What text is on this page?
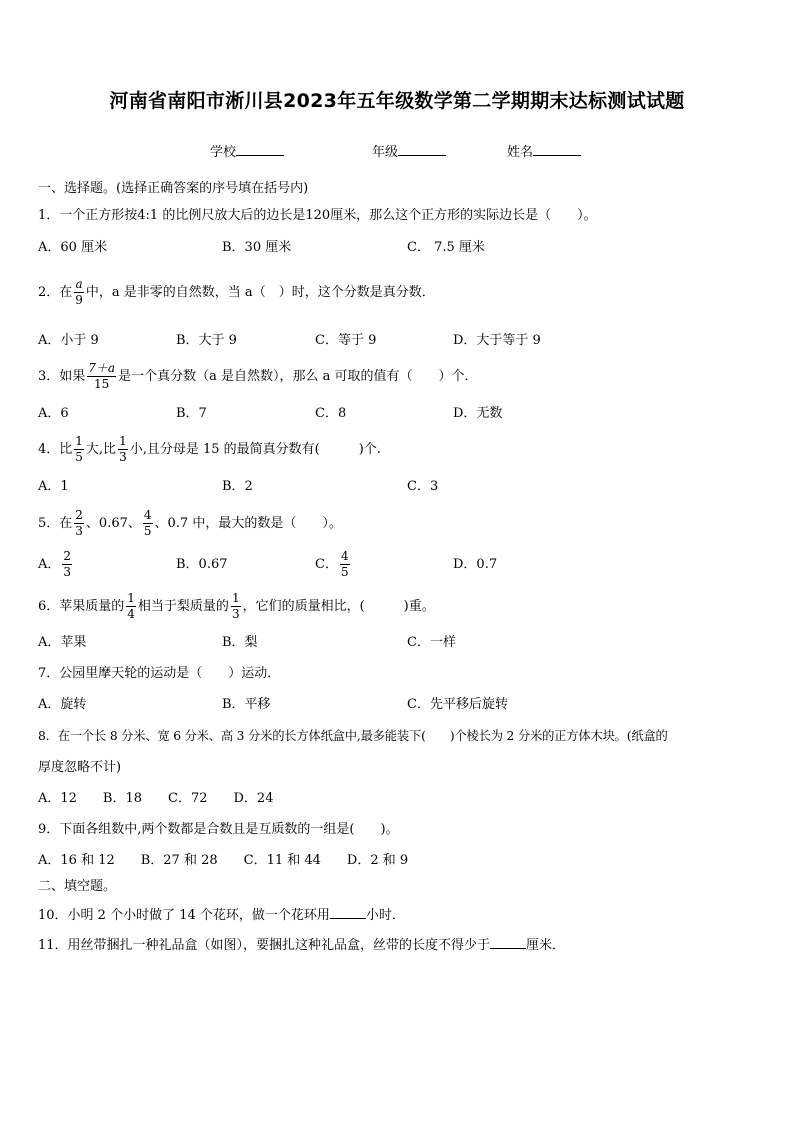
河南省南阳市淅川县2023年五年级数学第二学期期末达标测试试题
学校	年级	姓名
一、选择题。(选择正确答案的序号填在括号内)
1．一个正方形按4:1 的比例尺放大后的边长是120厘米，那么这个正方形的实际边长是（　　）。
A．60 厘米	B．30 厘米	C． 7.5 厘米
2．在 $\frac{a}{9}$ 中，a 是非零的自然数，当 a（　）时，这个分数是真分数．
A．小于 9	B．大于 9	C．等于 9	D．大于等于 9
3．如果 $\frac{7+a}{15}$ 是一个真分数（a 是自然数），那么 a 可取的值有（　　）个．
A．6	B．7	C．8	D．无数
4．比 $\frac{1}{5}$ 大,比 $\frac{1}{3}$ 小,且分母是 15 的最简真分数有(　　　)个.
A．1	B．2	C．3
5．在 $\frac{2}{3}$ 、0.67、 $\frac{4}{5}$ 、0.7 中，最大的数是（　　）。
A． $\frac{2}{3}$	B．0.67	C． $\frac{4}{5}$	D．0.7
6．苹果质量的 $\frac{1}{4}$ 相当于梨质量的 $\frac{1}{3}$ ，它们的质量相比，(　　　)重。
A．苹果	B．梨	C．一样
7．公园里摩天轮的运动是（　　）运动．
A．旋转	B．平移	C．先平移后旋转
8．在一个长 8 分米、宽 6 分米、高 3 分米的长方体纸盒中,最多能装下(　　)个棱长为 2 分米的正方体木块。(纸盒的
厚度忽略不计)
A．12　　B．18　　C．72　　D．24
9．下面各组数中,两个数都是合数且是互质数的一组是(　　)。
A．16 和 12　　B．27 和 28　　C．11 和 44　　D．2 和 9
二、填空题。
10．小明 2 个小时做了 14 个花环，做一个花环用	小时．
11．用丝带捆扎一种礼品盒（如图），要捆扎这种礼品盒，丝带的长度不得少于	厘米．
